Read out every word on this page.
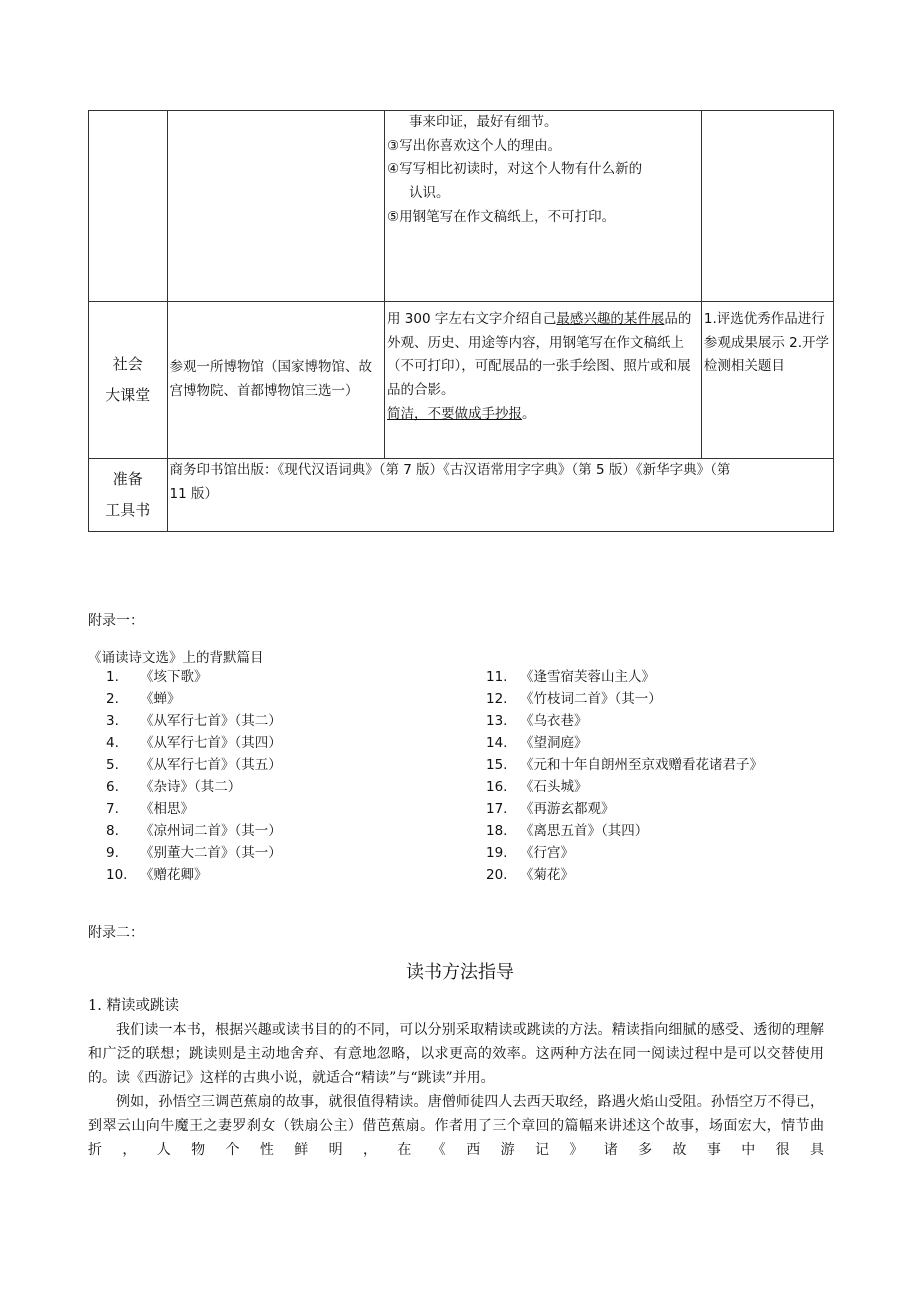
		事来印证，最好有细节。
③写出你喜欢这个人的理由。
④写写相比初读时，对这个人物有什么新的
认识。
⑤用钢笔写在作文稿纸上，不可打印。	

社会
大课堂	参观一所博物馆（国家博物馆、故宫博物院、首都博物馆三选一）	用 300 字左右文字介绍自己最感兴趣的某件展品的外观、历史、用途等内容，用钢笔写在作文稿纸上（不可打印），可配展品的一张手绘图、照片或和展品的合影。
简洁，不要做成手抄报。	1.评选优秀作品进行参观成果展示 2.开学检测相关题目

准备
工具书	商务印书馆出版：《现代汉语词典》（第 7 版）《古汉语常用字字典》（第 5 版）《新华字典》（第
11 版）		
附录一：
《诵读诗文选》上的背默篇目
1. 《垓下歌》
2. 《蝉》
3. 《从军行七首》（其二）
4. 《从军行七首》（其四）
5. 《从军行七首》（其五）
6. 《杂诗》（其二）
7. 《相思》
8. 《凉州词二首》（其一）
9. 《别董大二首》（其一）
10. 《赠花卿》
11. 《逢雪宿芙蓉山主人》
12. 《竹枝词二首》（其一）
13. 《乌衣巷》
14. 《望洞庭》
15. 《元和十年自朗州至京戏赠看花诸君子》
16. 《石头城》
17. 《再游玄都观》
18. 《离思五首》（其四）
19. 《行宫》
20. 《菊花》
附录二：
读书方法指导
1. 精读或跳读

我们读一本书，根据兴趣或读书目的的不同，可以分别采取精读或跳读的方法。精读指向细腻的感受、透彻的理解和广泛的联想；跳读则是主动地舍弃、有意地忽略，以求更高的效率。这两种方法在同一阅读过程中是可以交替使用的。读《西游记》这样的古典小说，就适合“精读”与“跳读”并用。

例如，孙悟空三调芭蕉扇的故事，就很值得精读。唐僧师徒四人去西天取经，路遇火焰山受阻。孙悟空万不得已，到翠云山向牛魔王之妻罗刹女（铁扇公主）借芭蕉扇。作者用了三个章回的篇幅来讲述这个故事，场面宏大，情节曲折，人物个性鲜明，在《西游记》诸多故事中很具
